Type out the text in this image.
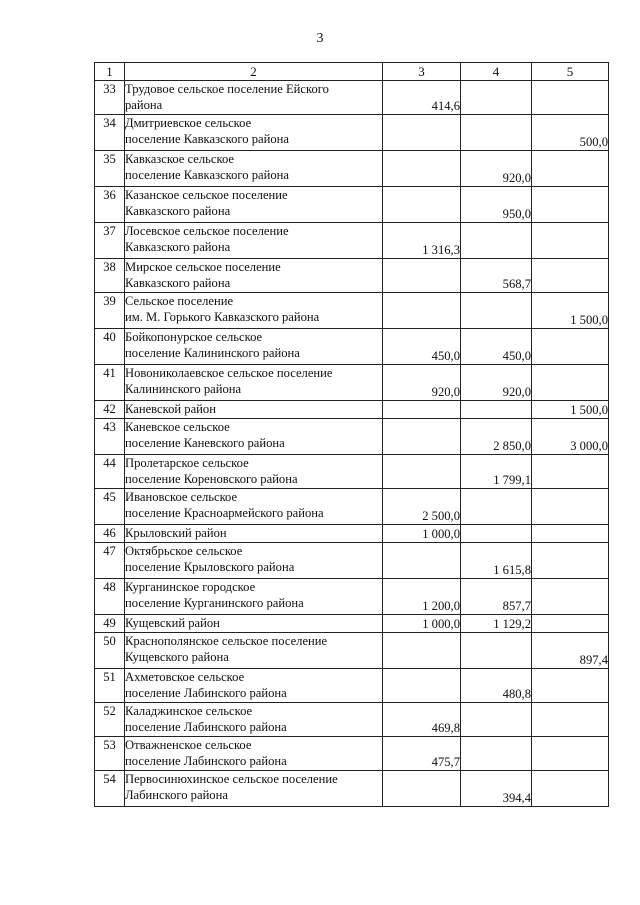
3
1	2	3	4	5
33	Трудовое сельское поселение Ейского
района	414,6		
34	Дмитриевское сельское
поселение Кавказского района			500,0
35	Кавказское сельское
поселение Кавказского района		920,0	
36	Казанское сельское поселение
Кавказского района		950,0	
37	Лосевское сельское поселение
Кавказского района	1 316,3		
38	Мирское сельское поселение
Кавказского района		568,7	
39	Сельское поселение
им. М. Горького Кавказского района			1 500,0
40	Бойкопонурское сельское
поселение Калининского района	450,0	450,0	
41	Новониколаевское сельское поселение
Калининского района	920,0	920,0	
42	Каневской район			1 500,0
43	Каневское сельское
поселение Каневского района		2 850,0	3 000,0
44	Пролетарское сельское
поселение Кореновского района		1 799,1	
45	Ивановское сельское
поселение Красноармейского района	2 500,0		
46	Крыловский район	1 000,0		
47	Октябрьское сельское
поселение Крыловского района		1 615,8	
48	Курганинское городское
поселение Курганинского района	1 200,0	857,7	
49	Кущевский район	1 000,0	1 129,2	
50	Краснополянское сельское поселение
Кущевского района			897,4
51	Ахметовское сельское
поселение Лабинского района		480,8	
52	Каладжинское сельское
поселение Лабинского района	469,8		
53	Отважненское сельское
поселение Лабинского района	475,7		
54	Первосинюхинское сельское поселение
Лабинского района		394,4	
